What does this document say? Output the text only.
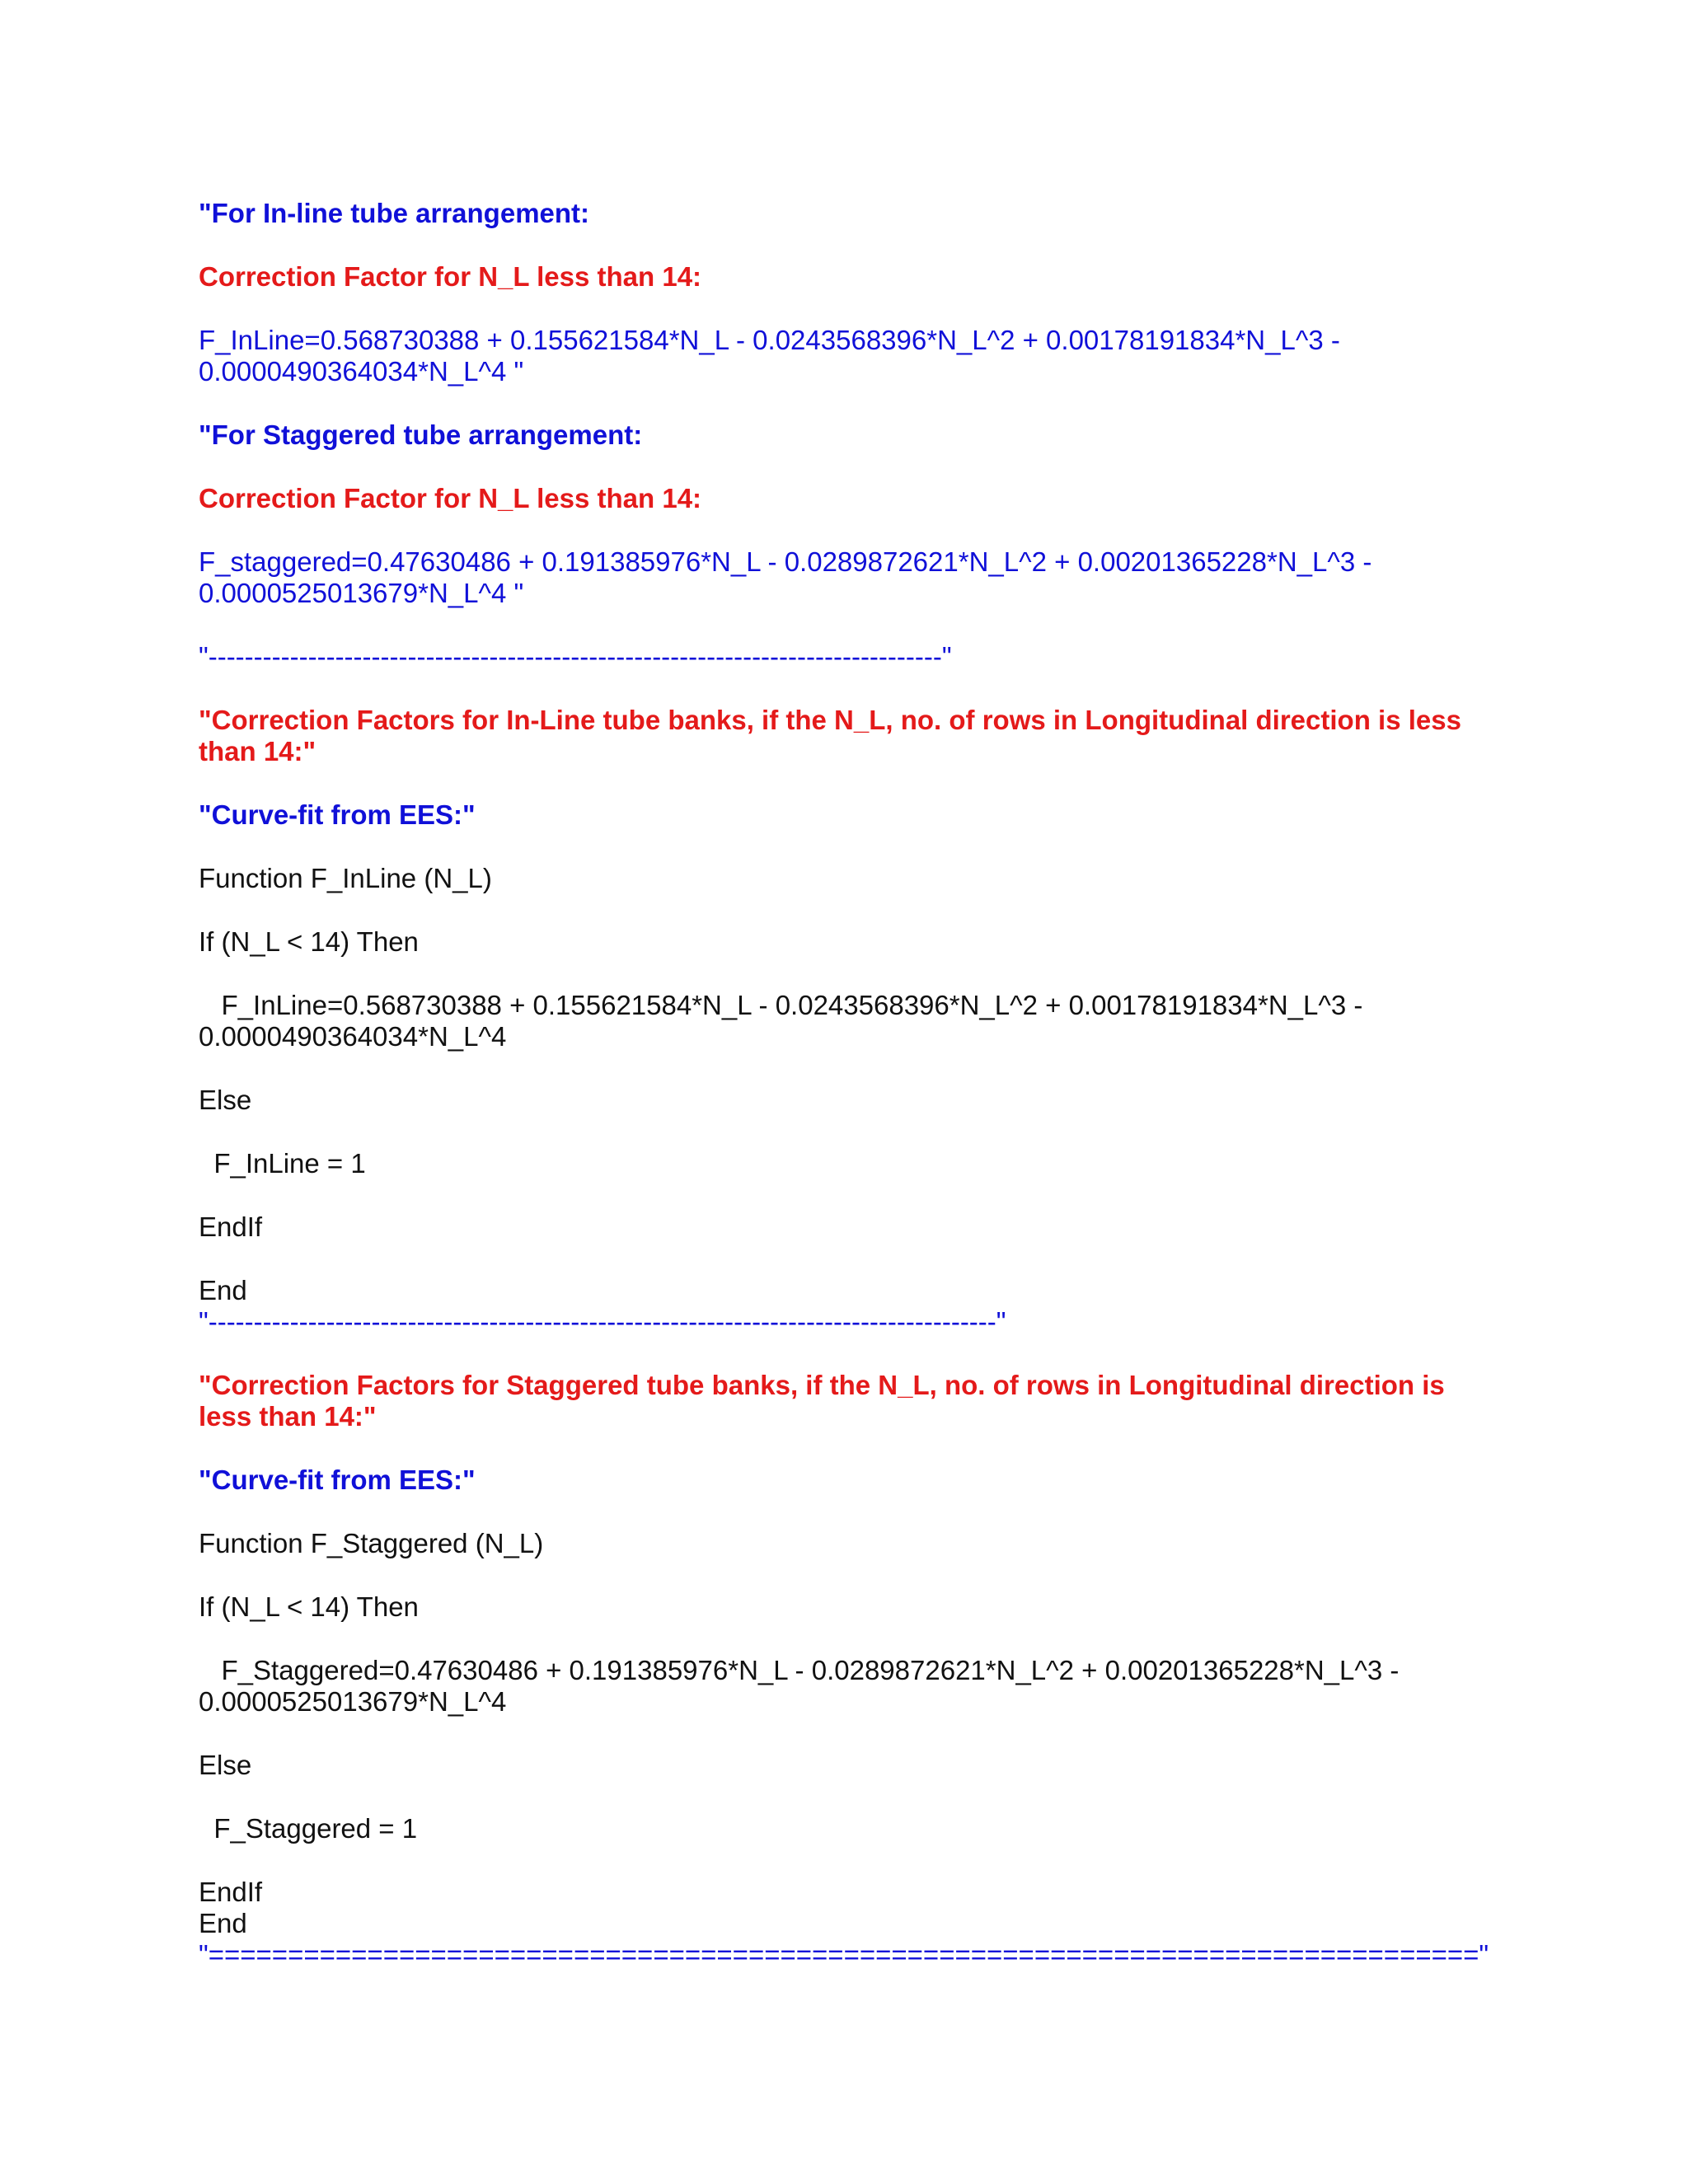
"For In-line tube arrangement:

Correction Factor for N_L less than 14:

F_InLine=0.568730388 + 0.155621584*N_L - 0.0243568396*N_L^2 + 0.00178191834*N_L^3 -

0.0000490364034*N_L^4 "

"For Staggered tube arrangement:

Correction Factor for N_L less than 14:

F_staggered=0.47630486 + 0.191385976*N_L - 0.0289872621*N_L^2 + 0.00201365228*N_L^3 -

0.0000525013679*N_L^4 "

"---------------------------------------------------------------------------------"

"Correction Factors for In-Line tube banks, if the N_L, no. of rows in Longitudinal direction is less

than 14:"

"Curve-fit from EES:"

Function F_InLine (N_L)

If (N_L < 14) Then

F_InLine=0.568730388 + 0.155621584*N_L - 0.0243568396*N_L^2 + 0.00178191834*N_L^3 -

0.0000490364034*N_L^4

Else

F_InLine = 1

EndIf

End

"---------------------------------------------------------------------------------------"

"Correction Factors for Staggered tube banks, if the N_L, no. of rows in Longitudinal direction is

less than 14:"

"Curve-fit from EES:"

Function F_Staggered (N_L)

If (N_L < 14) Then

F_Staggered=0.47630486 + 0.191385976*N_L - 0.0289872621*N_L^2 + 0.00201365228*N_L^3 -

0.0000525013679*N_L^4

Else

F_Staggered = 1

EndIf

End

"================================================================================"
